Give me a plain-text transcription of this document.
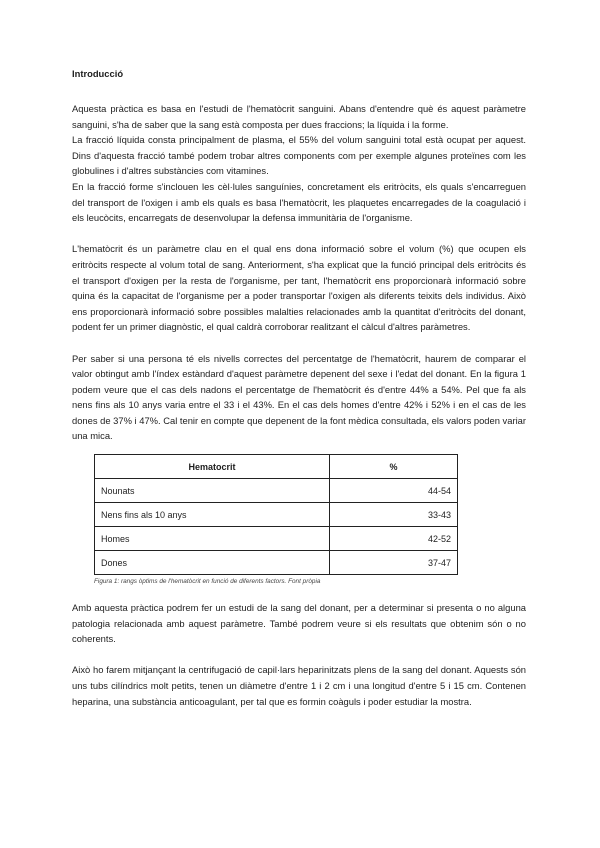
Introducció

Aquesta pràctica es basa en l'estudi de l'hematòcrit sanguini. Abans d'entendre què és aquest paràmetre sanguini, s'ha de saber que la sang està composta per dues fraccions; la líquida i la forme.

La fracció líquida consta principalment de plasma, el 55% del volum sanguini total està ocupat per aquest. Dins d'aquesta fracció també podem trobar altres components com per exemple algunes proteïnes com les globulines i d'altres substàncies com vitamines.

En la fracció forme s'inclouen les cèl·lules sanguínies, concretament els eritròcits, els quals s'encarreguen del transport de l'oxigen i amb els quals es basa l'hematòcrit, les plaquetes encarregades de la coagulació i els leucòcits, encarregats de desenvolupar la defensa immunitària de l'organisme.

L'hematòcrit és un paràmetre clau en el qual ens dona informació sobre el volum (%) que ocupen els eritròcits respecte al volum total de sang. Anteriorment, s'ha explicat que la funció principal dels eritròcits és el transport d'oxigen per la resta de l'organisme, per tant, l'hematòcrit ens proporcionarà informació sobre quina és la capacitat de l'organisme per a poder transportar l'oxigen als diferents teixits dels individus. Això ens proporcionarà informació sobre possibles malalties relacionades amb la quantitat d'eritròcits del donant, podent fer un primer diagnòstic, el qual caldrà corroborar realitzant el càlcul d'altres paràmetres.

Per saber si una persona té els nivells correctes del percentatge de l'hematòcrit, haurem de comparar el valor obtingut amb l'índex estàndard d'aquest paràmetre depenent del sexe i l'edat del donant. En la figura 1 podem veure que el cas dels nadons el percentatge de l'hematòcrit és d'entre 44% a 54%. Pel que fa als nens fins als 10 anys varia entre el 33 i el 43%. En el cas dels homes d'entre 42% i 52% i en el cas de les dones de 37% i 47%. Cal tenir en compte que depenent de la font mèdica consultada, els valors poden variar una mica.

Hematocrit	%
Nounats	44-54
Nens fins als 10 anys	33-43
Homes	42-52
Dones	37-47
Figura 1: rangs òptims de l'hematòcrit en funció de diferents factors. Font pròpia

Amb aquesta pràctica podrem fer un estudi de la sang del donant, per a determinar si presenta o no alguna patologia relacionada amb aquest paràmetre. També podrem veure si els resultats que obtenim són o no coherents.

Això ho farem mitjançant la centrifugació de capil·lars heparinitzats plens de la sang del donant. Aquests són uns tubs cilíndrics molt petits, tenen un diàmetre d'entre 1 i 2 cm i una longitud d'entre 5 i 15 cm. Contenen heparina, una substància anticoagulant, per tal que es formin coàguls i poder estudiar la mostra.
